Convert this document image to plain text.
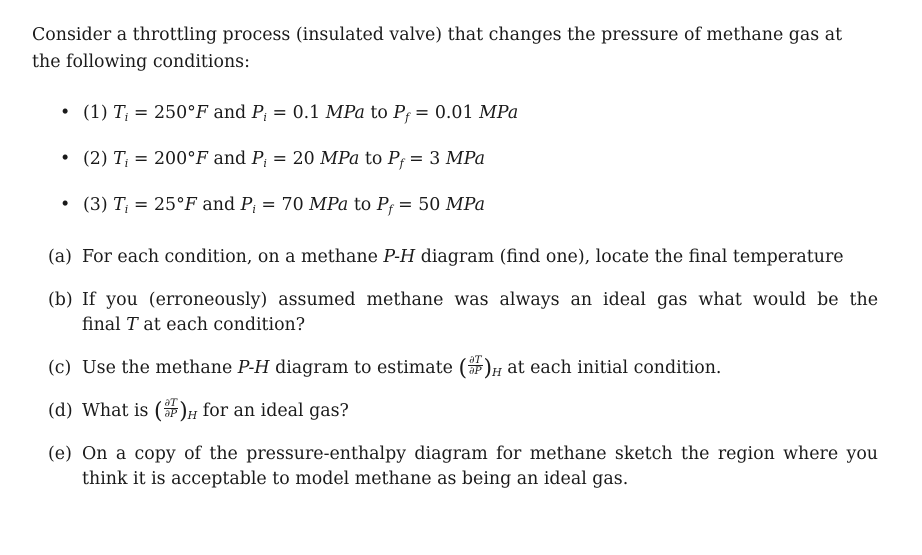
Consider a throttling process (insulated valve) that changes the pressure of methane gas at
the following conditions:

• (1) $T_i = 250^\circ F$ and $P_i = 0.1$ MPa to $P_f = 0.01$ MPa
• (2) $T_i = 200^\circ F$ and $P_i = 20$ MPa to $P_f = 3$ MPa
• (3) $T_i = 25^\circ F$ and $P_i = 70$ MPa to $P_f = 50$ MPa
(a) For each condition, on a methane P-H diagram (find one), locate the final temperature
(b) If you (erroneously) assumed methane was always an ideal gas what would be the
final T at each condition?
(c) Use the methane P-H diagram to estimate ( $\frac{\partial T}{\partial P} )_H$ at each initial condition.
(d) What is ( $\frac{\partial T}{\partial P} )_H$ for an ideal gas?
(e) On a copy of the pressure-enthalpy diagram for methane sketch the region where you
think it is acceptable to model methane as being an ideal gas.
